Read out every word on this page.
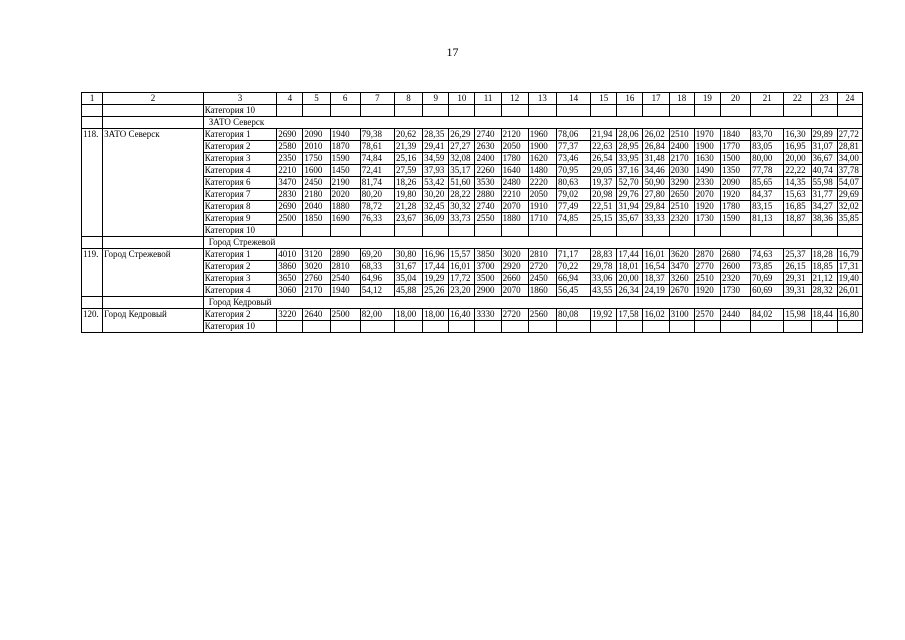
17
1	2	3	4	5	6	7	8	9	10	11	12	13	14	15	16	17	18	19	20	21	22	23	24
		Категория 10																					
		ЗАТО Северск																					
118.	ЗАТО Северск	Категория 1	2690	2090	1940	79,38	20,62	28,35	26,29	2740	2120	1960	78,06	21,94	28,06	26,02	2510	1970	1840	83,70	16,30	29,89	27,72
		Категория 2	2580	2010	1870	78,61	21,39	29,41	27,27	2630	2050	1900	77,37	22,63	28,95	26,84	2400	1900	1770	83,05	16,95	31,07	28,81
		Категория 3	2350	1750	1590	74,84	25,16	34,59	32,08	2400	1780	1620	73,46	26,54	33,95	31,48	2170	1630	1500	80,00	20,00	36,67	34,00
		Категория 4	2210	1600	1450	72,41	27,59	37,93	35,17	2260	1640	1480	70,95	29,05	37,16	34,46	2030	1490	1350	77,78	22,22	40,74	37,78
		Категория 6	3470	2450	2190	81,74	18,26	53,42	51,60	3530	2480	2220	80,63	19,37	52,70	50,90	3290	2330	2090	85,65	14,35	55,98	54,07
		Категория 7	2830	2180	2020	80,20	19,80	30,20	28,22	2880	2210	2050	79,02	20,98	29,76	27,80	2650	2070	1920	84,37	15,63	31,77	29,69
		Категория 8	2690	2040	1880	78,72	21,28	32,45	30,32	2740	2070	1910	77,49	22,51	31,94	29,84	2510	1920	1780	83,15	16,85	34,27	32,02
		Категория 9	2500	1850	1690	76,33	23,67	36,09	33,73	2550	1880	1710	74,85	25,15	35,67	33,33	2320	1730	1590	81,13	18,87	38,36	35,85
		Категория 10																					
		Город Стрежевой																					
119.	Город Стрежевой	Категория 1	4010	3120	2890	69,20	30,80	16,96	15,57	3850	3020	2810	71,17	28,83	17,44	16,01	3620	2870	2680	74,63	25,37	18,28	16,79
		Категория 2	3860	3020	2810	68,33	31,67	17,44	16,01	3700	2920	2720	70,22	29,78	18,01	16,54	3470	2770	2600	73,85	26,15	18,85	17,31
		Категория 3	3650	2760	2540	64,96	35,04	19,29	17,72	3500	2660	2450	66,94	33,06	20,00	18,37	3260	2510	2320	70,69	29,31	21,12	19,40
		Категория 4	3060	2170	1940	54,12	45,88	25,26	23,20	2900	2070	1860	56,45	43,55	26,34	24,19	2670	1920	1730	60,69	39,31	28,32	26,01
		Город Кедровый																					
120.	Город Кедровый	Категория 2	3220	2640	2500	82,00	18,00	18,00	16,40	3330	2720	2560	80,08	19,92	17,58	16,02	3100	2570	2440	84,02	15,98	18,44	16,80
		Категория 10																					
